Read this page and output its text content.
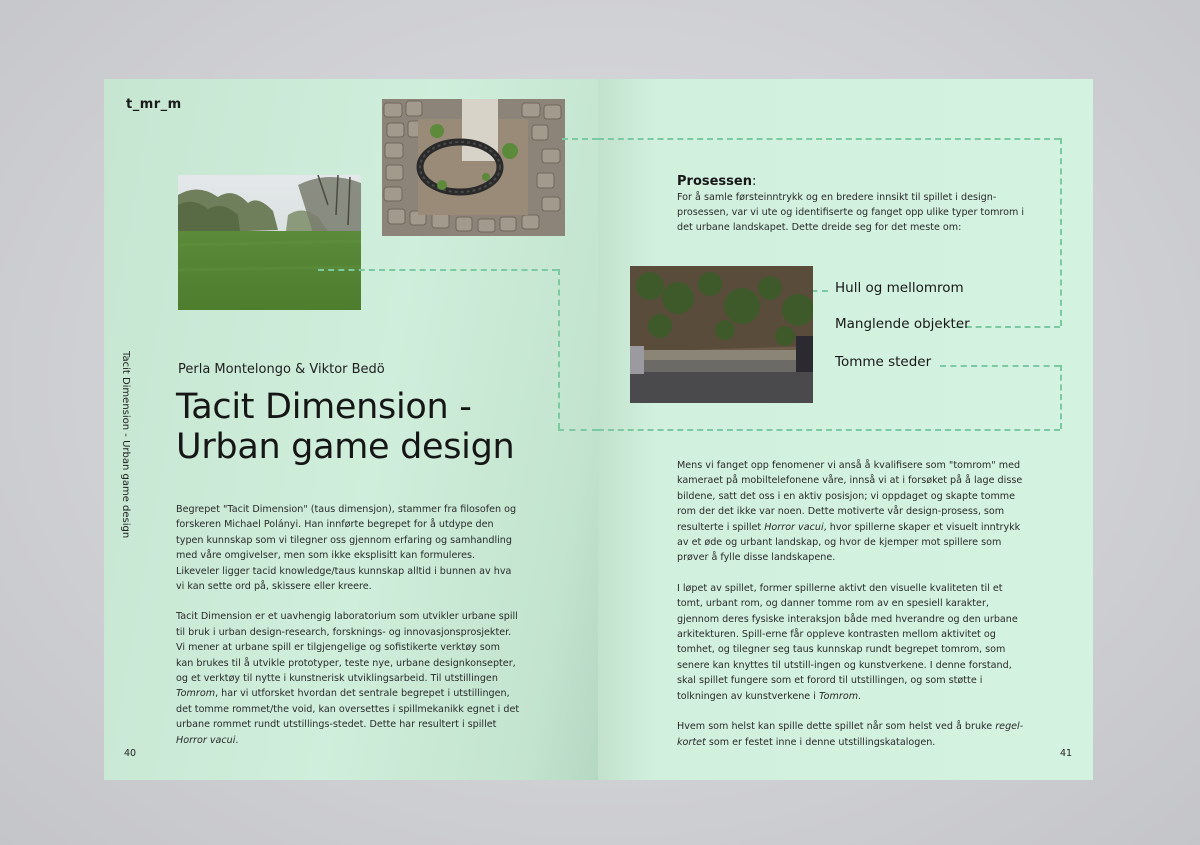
t_mr_m
Tacit Dimension - Urban game design	Perla Montelongo & Viktor Bedö
Tacit Dimension -
Urban game design

Begrepet "Tacit Dimension" (taus dimensjon), stammer fra filosofen og forskeren Michael Polányi. Han innførte begrepet for å utdype den typen kunnskap som vi tilegner oss gjennom erfaring og samhandling med våre omgivelser, men som ikke eksplisitt kan formuleres. Likeveler ligger tacid knowledge/taus kunnskap alltid i bunnen av hva vi kan sette ord på, skissere eller kreere.

Tacit Dimension er et uavhengig laboratorium som utvikler urbane spill til bruk i urban design-research, forsknings- og innovasjonsprosjekter. Vi mener at urbane spill er tilgjengelige og sofistikerte verktøy som kan brukes til å utvikle prototyper, teste nye, urbane designkonsepter, og et verktøy til nytte i kunstnerisk utviklingsarbeid. Til utstillingen Tomrom, har vi utforsket hvordan det sentrale begrepet i utstillingen, det tomme rommet/the void, kan oversettes i spillmekanikk egnet i det urbane rommet rundt utstillings-stedet. Dette har resultert i spillet Horror vacui.

40
Prosessen:
For å samle førsteinntrykk og en bredere innsikt til spillet i design-prosessen, var vi ute og identifiserte og fanget opp ulike typer tomrom i det urbane landskapet. Dette dreide seg for det meste om:
Hull og mellomrom
Manglende objekter
Tomme steder

Mens vi fanget opp fenomener vi anså å kvalifisere som "tomrom" med kameraet på mobiltelefonene våre, innså vi at i forsøket på å lage disse bildene, satt det oss i en aktiv posisjon; vi oppdaget og skapte tomme rom der det ikke var noen. Dette motiverte vår design-prosess, som resulterte i spillet Horror vacui, hvor spillerne skaper et visuelt inntrykk av et øde og urbant landskap, og hvor de kjemper mot spillere som prøver å fylle disse landskapene.

I løpet av spillet, former spillerne aktivt den visuelle kvaliteten til et tomt, urbant rom, og danner tomme rom av en spesiell karakter, gjennom deres fysiske interaksjon både med hverandre og den urbane arkitekturen. Spill-erne får oppleve kontrasten mellom aktivitet og tomhet, og tilegner seg taus kunnskap rundt begrepet tomrom, som senere kan knyttes til utstill-ingen og kunstverkene. I denne forstand, skal spillet fungere som et forord til utstillingen, og som støtte i tolkningen av kunstverkene i Tomrom.

Hvem som helst kan spille dette spillet når som helst ved å bruke regel-kortet som er festet inne i denne utstillingskatalogen.

41
